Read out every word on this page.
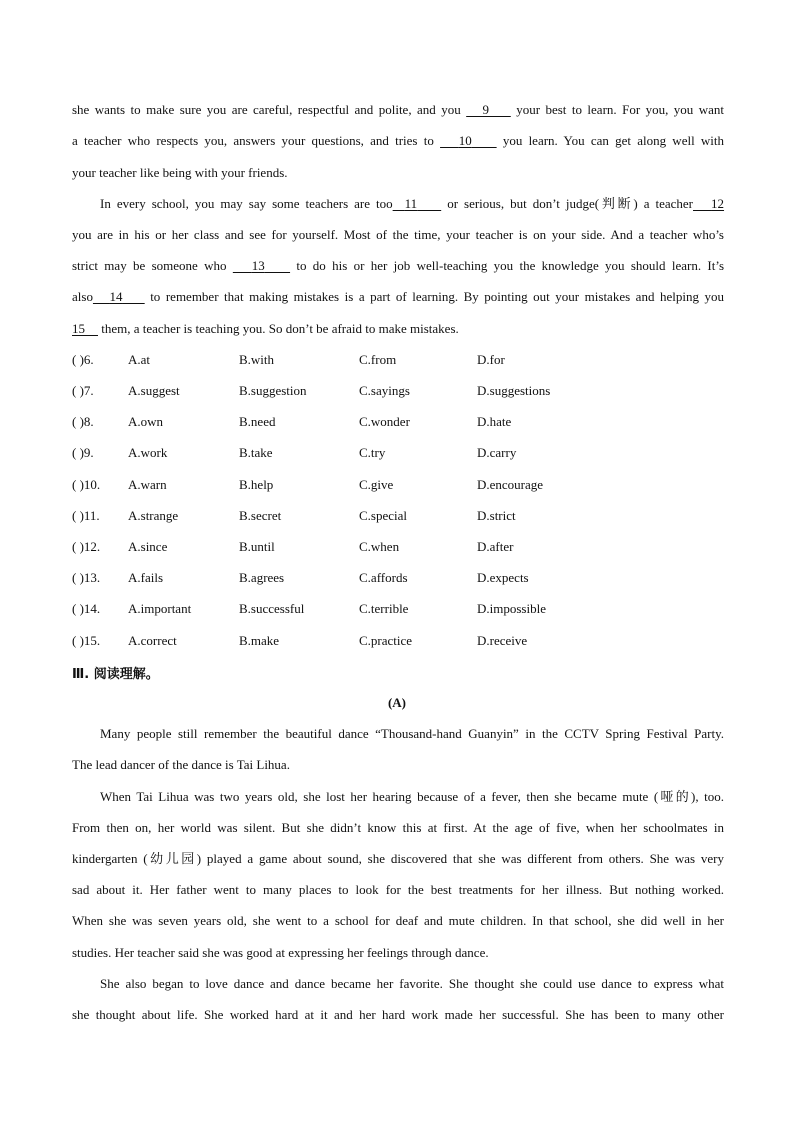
she wants to make sure you are careful, respectful and polite, and you    9     your best to learn. For you, you want
a teacher who respects you, answers your questions, and tries to    10     you learn. You can get along well with
your teacher like being with your friends.
In every school, you may say some teachers are too 11     or serious, but don’t judge(判断) a teacher 12
you are in his or her class and see for yourself. Most of the time, your teacher is on your side. And a teacher who’s
strict may be someone who    13     to do his or her job well-teaching you the knowledge you should learn. It’s
also 14     to remember that making mistakes is a part of learning. By pointing out your mistakes and helping you
15     them, a teacher is teaching you. So don’t be afraid to make mistakes.
( )6.	A.at	B.with	C.from	D.for
( )7.	A.suggest	B.suggestion	C.sayings	D.suggestions
( )8.	A.own	B.need	C.wonder	D.hate
( )9.	A.work	B.take	C.try	D.carry
( )10. A.warn	B.help	C.give	D.encourage
( )11. A.strange	B.secret	C.special	D.strict
( )12. A.since	B.until	C.when	D.after
( )13. A.fails	B.agrees	C.affords	D.expects
( )14. A.important	B.successful	C.terrible	D.impossible
( )15. A.correct	B.make	C.practice	D.receive
Ⅲ. 阅读理解。
(A)
Many people still remember the beautiful dance “Thousand-hand Guanyin” in the CCTV Spring Festival Party.
The lead dancer of the dance is Tai Lihua.
When Tai Lihua was two years old, she lost her hearing because of a fever, then she became mute (哑的), too.
From then on, her world was silent. But she didn’t know this at first. At the age of five, when her schoolmates in
kindergarten (幼儿园) played a game about sound, she discovered that she was different from others. She was very
sad about it. Her father went to many places to look for the best treatments for her illness. But nothing worked.
When she was seven years old, she went to a school for deaf and mute children. In that school, she did well in her
studies. Her teacher said she was good at expressing her feelings through dance.
She also began to love dance and dance became her favorite. She thought she could use dance to express what
she thought about life. She worked hard at it and her hard work made her successful. She has been to many other
